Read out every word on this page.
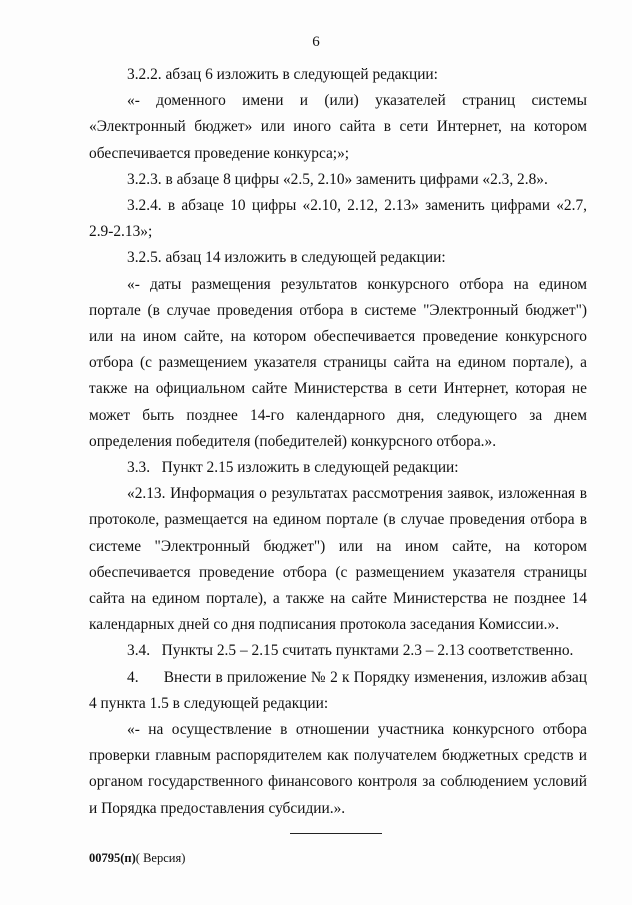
6

3.2.2. абзац 6 изложить в следующей редакции:

«- доменного имени и (или) указателей страниц системы «Электронный бюджет» или иного сайта в сети Интернет, на котором обеспечивается проведение конкурса;»;

3.2.3. в абзаце 8 цифры «2.5, 2.10» заменить цифрами «2.3, 2.8».

3.2.4. в абзаце 10 цифры «2.10, 2.12, 2.13» заменить цифрами «2.7, 2.9-2.13»;

3.2.5. абзац 14 изложить в следующей редакции:

«- даты размещения результатов конкурсного отбора на едином портале (в случае проведения отбора в системе "Электронный бюджет") или на ином сайте, на котором обеспечивается проведение конкурсного отбора (с размещением указателя страницы сайта на едином портале), а также на официальном сайте Министерства в сети Интернет, которая не может быть позднее 14-го календарного дня, следующего за днем определения победителя (победителей) конкурсного отбора.».

3.3.   Пункт 2.15 изложить в следующей редакции:

«2.13. Информация о результатах рассмотрения заявок, изложенная в протоколе, размещается на едином портале (в случае проведения отбора в системе "Электронный бюджет") или на ином сайте, на котором обеспечивается проведение отбора (с размещением указателя страницы сайта на едином портале), а также на сайте Министерства не позднее 14 календарных дней со дня подписания протокола заседания Комиссии.».

3.4.   Пункты 2.5 – 2.15 считать пунктами 2.3 – 2.13 соответственно.

4.      Внести в приложение № 2 к Порядку изменения, изложив абзац 4 пункта 1.5 в следующей редакции:

«- на осуществление в отношении участника конкурсного отбора проверки главным распорядителем как получателем бюджетных средств и органом государственного финансового контроля за соблюдением условий и Порядка предоставления субсидии.».

00795(п)( Версия)
